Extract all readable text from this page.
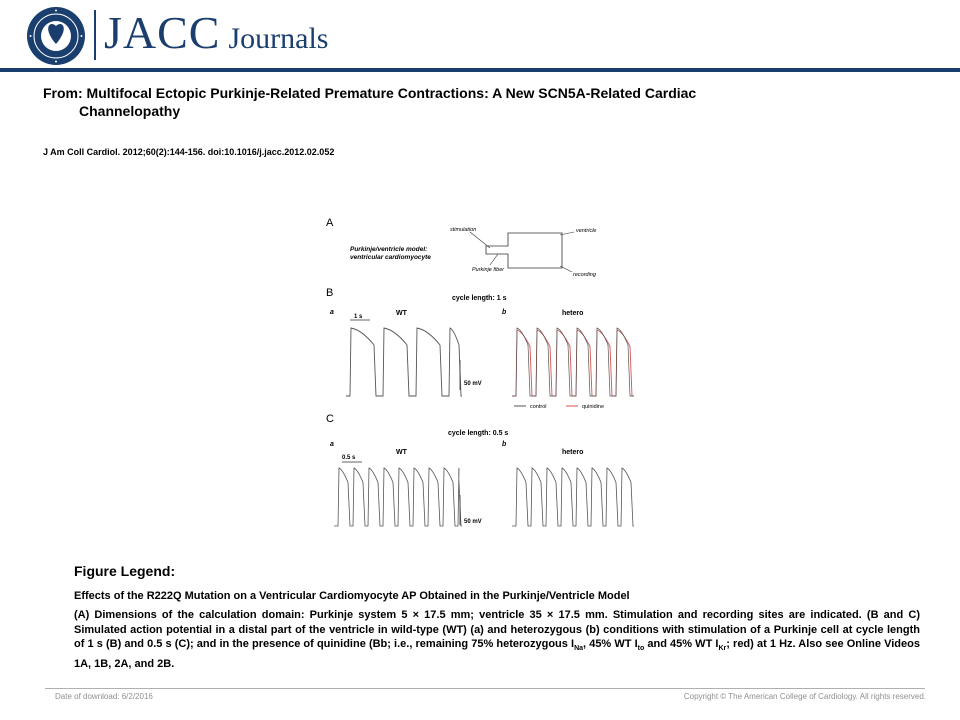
JACC Journals
From: Multifocal Ectopic Purkinje-Related Premature Contractions: A New SCN5A-Related Cardiac
Channelopathy
J Am Coll Cardiol. 2012;60(2):144-156. doi:10.1016/j.jacc.2012.02.052
A
Purkinje/ventricle model:
ventricular cardiomyocyte
stimulation	ventricle
Purkinje fiber
recording
B	cycle length: 1 s
a	WT	b	hetero
1 s
50 mV
control	quinidine
C
cycle length: 0.5 s
a
WT
b
hetero
0.5 s
50 mV
Figure Legend:
Effects of the R222Q Mutation on a Ventricular Cardiomyocyte AP Obtained in the Purkinje/Ventricle Model
(A) Dimensions of the calculation domain: Purkinje system 5 × 17.5 mm; ventricle 35 × 17.5 mm. Stimulation and recording sites are indicated. (B and C) Simulated action potential in a distal part of the ventricle in wild-type (WT) (a) and heterozygous (b) conditions with stimulation of a Purkinje cell at cycle length of 1 s (B) and 0.5 s (C); and in the presence of quinidine (Bb; i.e., remaining 75% heterozygous $I_{Na}$, 45% WT $I_{to}$ and 45% WT $I_{Kr}$; red) at 1 Hz. Also see Online Videos 1A, 1B, 2A, and 2B.
Date of download: 6/2/2016	Copyright © The American College of Cardiology. All rights reserved.
